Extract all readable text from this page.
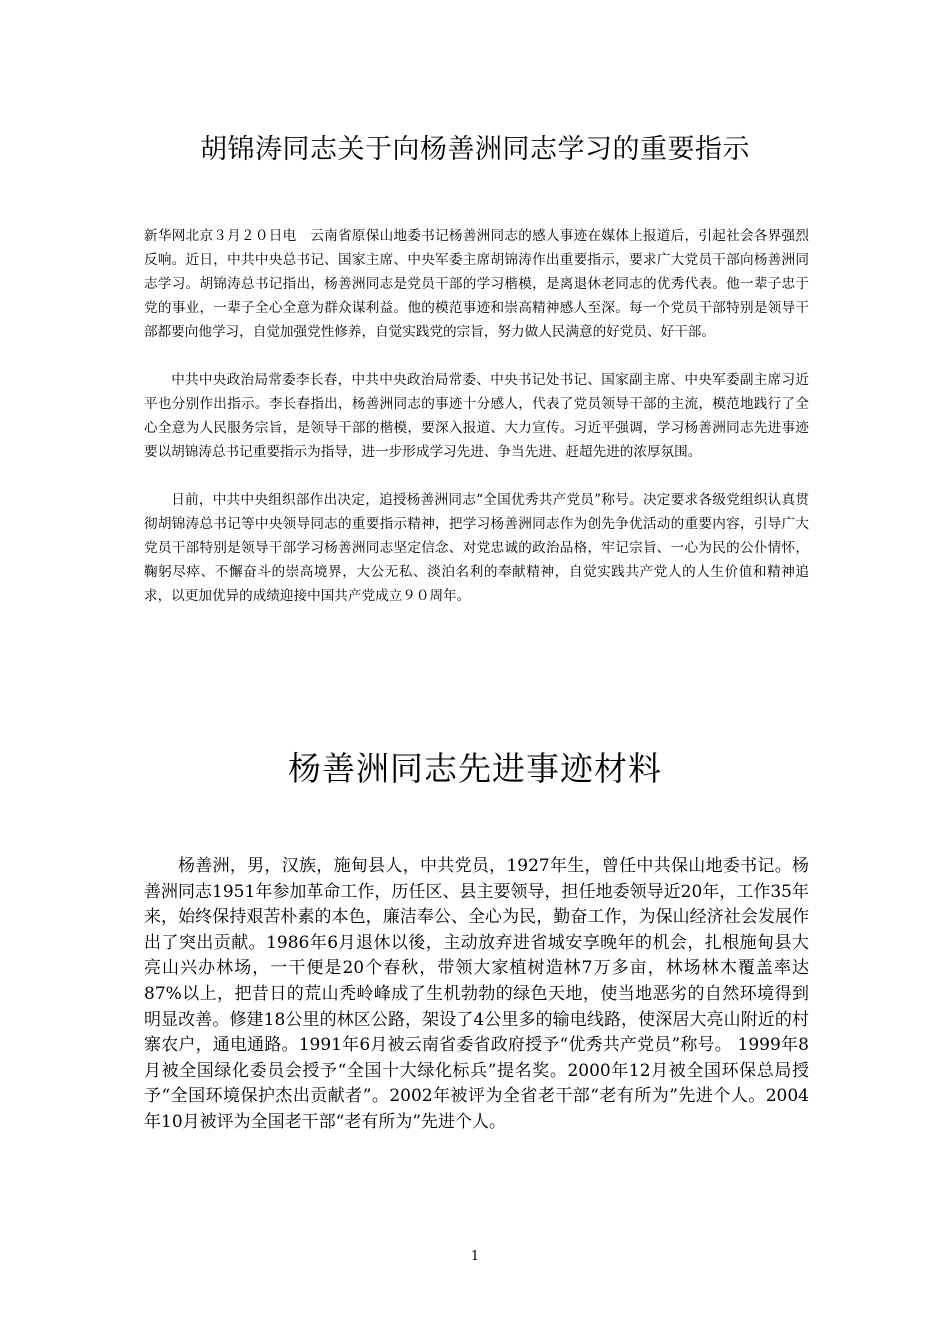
胡锦涛同志关于向杨善洲同志学习的重要指示

新华网北京３月２０日电　云南省原保山地委书记杨善洲同志的感人事迹在媒体上报道后，引起社会各界强烈反响。近日，中共中央总书记、国家主席、中央军委主席胡锦涛作出重要指示，要求广大党员干部向杨善洲同志学习。胡锦涛总书记指出，杨善洲同志是党员干部的学习楷模，是离退休老同志的优秀代表。他一辈子忠于党的事业，一辈子全心全意为群众谋利益。他的模范事迹和崇高精神感人至深。每一个党员干部特别是领导干部都要向他学习，自觉加强党性修养，自觉实践党的宗旨，努力做人民满意的好党员、好干部。

中共中央政治局常委李长春，中共中央政治局常委、中央书记处书记、国家副主席、中央军委副主席习近平也分别作出指示。李长春指出，杨善洲同志的事迹十分感人，代表了党员领导干部的主流，模范地践行了全心全意为人民服务宗旨，是领导干部的楷模，要深入报道、大力宣传。习近平强调，学习杨善洲同志先进事迹要以胡锦涛总书记重要指示为指导，进一步形成学习先进、争当先进、赶超先进的浓厚氛围。

日前，中共中央组织部作出决定，追授杨善洲同志“全国优秀共产党员”称号。决定要求各级党组织认真贯彻胡锦涛总书记等中央领导同志的重要指示精神，把学习杨善洲同志作为创先争优活动的重要内容，引导广大党员干部特别是领导干部学习杨善洲同志坚定信念、对党忠诚的政治品格，牢记宗旨、一心为民的公仆情怀，鞠躬尽瘁、不懈奋斗的崇高境界，大公无私、淡泊名利的奉献精神，自觉实践共产党人的人生价值和精神追求，以更加优异的成绩迎接中国共产党成立９０周年。

杨善洲同志先进事迹材料

杨善洲，男，汉族，施甸县人，中共党员，1927年生，曾任中共保山地委书记。杨善洲同志1951年参加革命工作，历任区、县主要领导，担任地委领导近20年，工作35年来，始终保持艰苦朴素的本色，廉洁奉公、全心为民，勤奋工作，为保山经济社会发展作出了突出贡献。1986年6月退休以後，主动放弃进省城安享晚年的机会，扎根施甸县大亮山兴办林场，一干便是20个春秋，带领大家植树造林7万多亩，林场林木覆盖率达87%以上，把昔日的荒山秃岭峰成了生机勃勃的绿色天地，使当地恶劣的自然环境得到明显改善。修建18公里的林区公路，架设了4公里多的输电线路，使深居大亮山附近的村寨农户，通电通路。1991年6月被云南省委省政府授予“优秀共产党员”称号。 1999年8月被全国绿化委员会授予“全国十大绿化标兵”提名奖。2000年12月被全国环保总局授予“全国环境保护杰出贡献者”。2002年被评为全省老干部“老有所为”先进个人。2004年10月被评为全国老干部“老有所为”先进个人。

1
